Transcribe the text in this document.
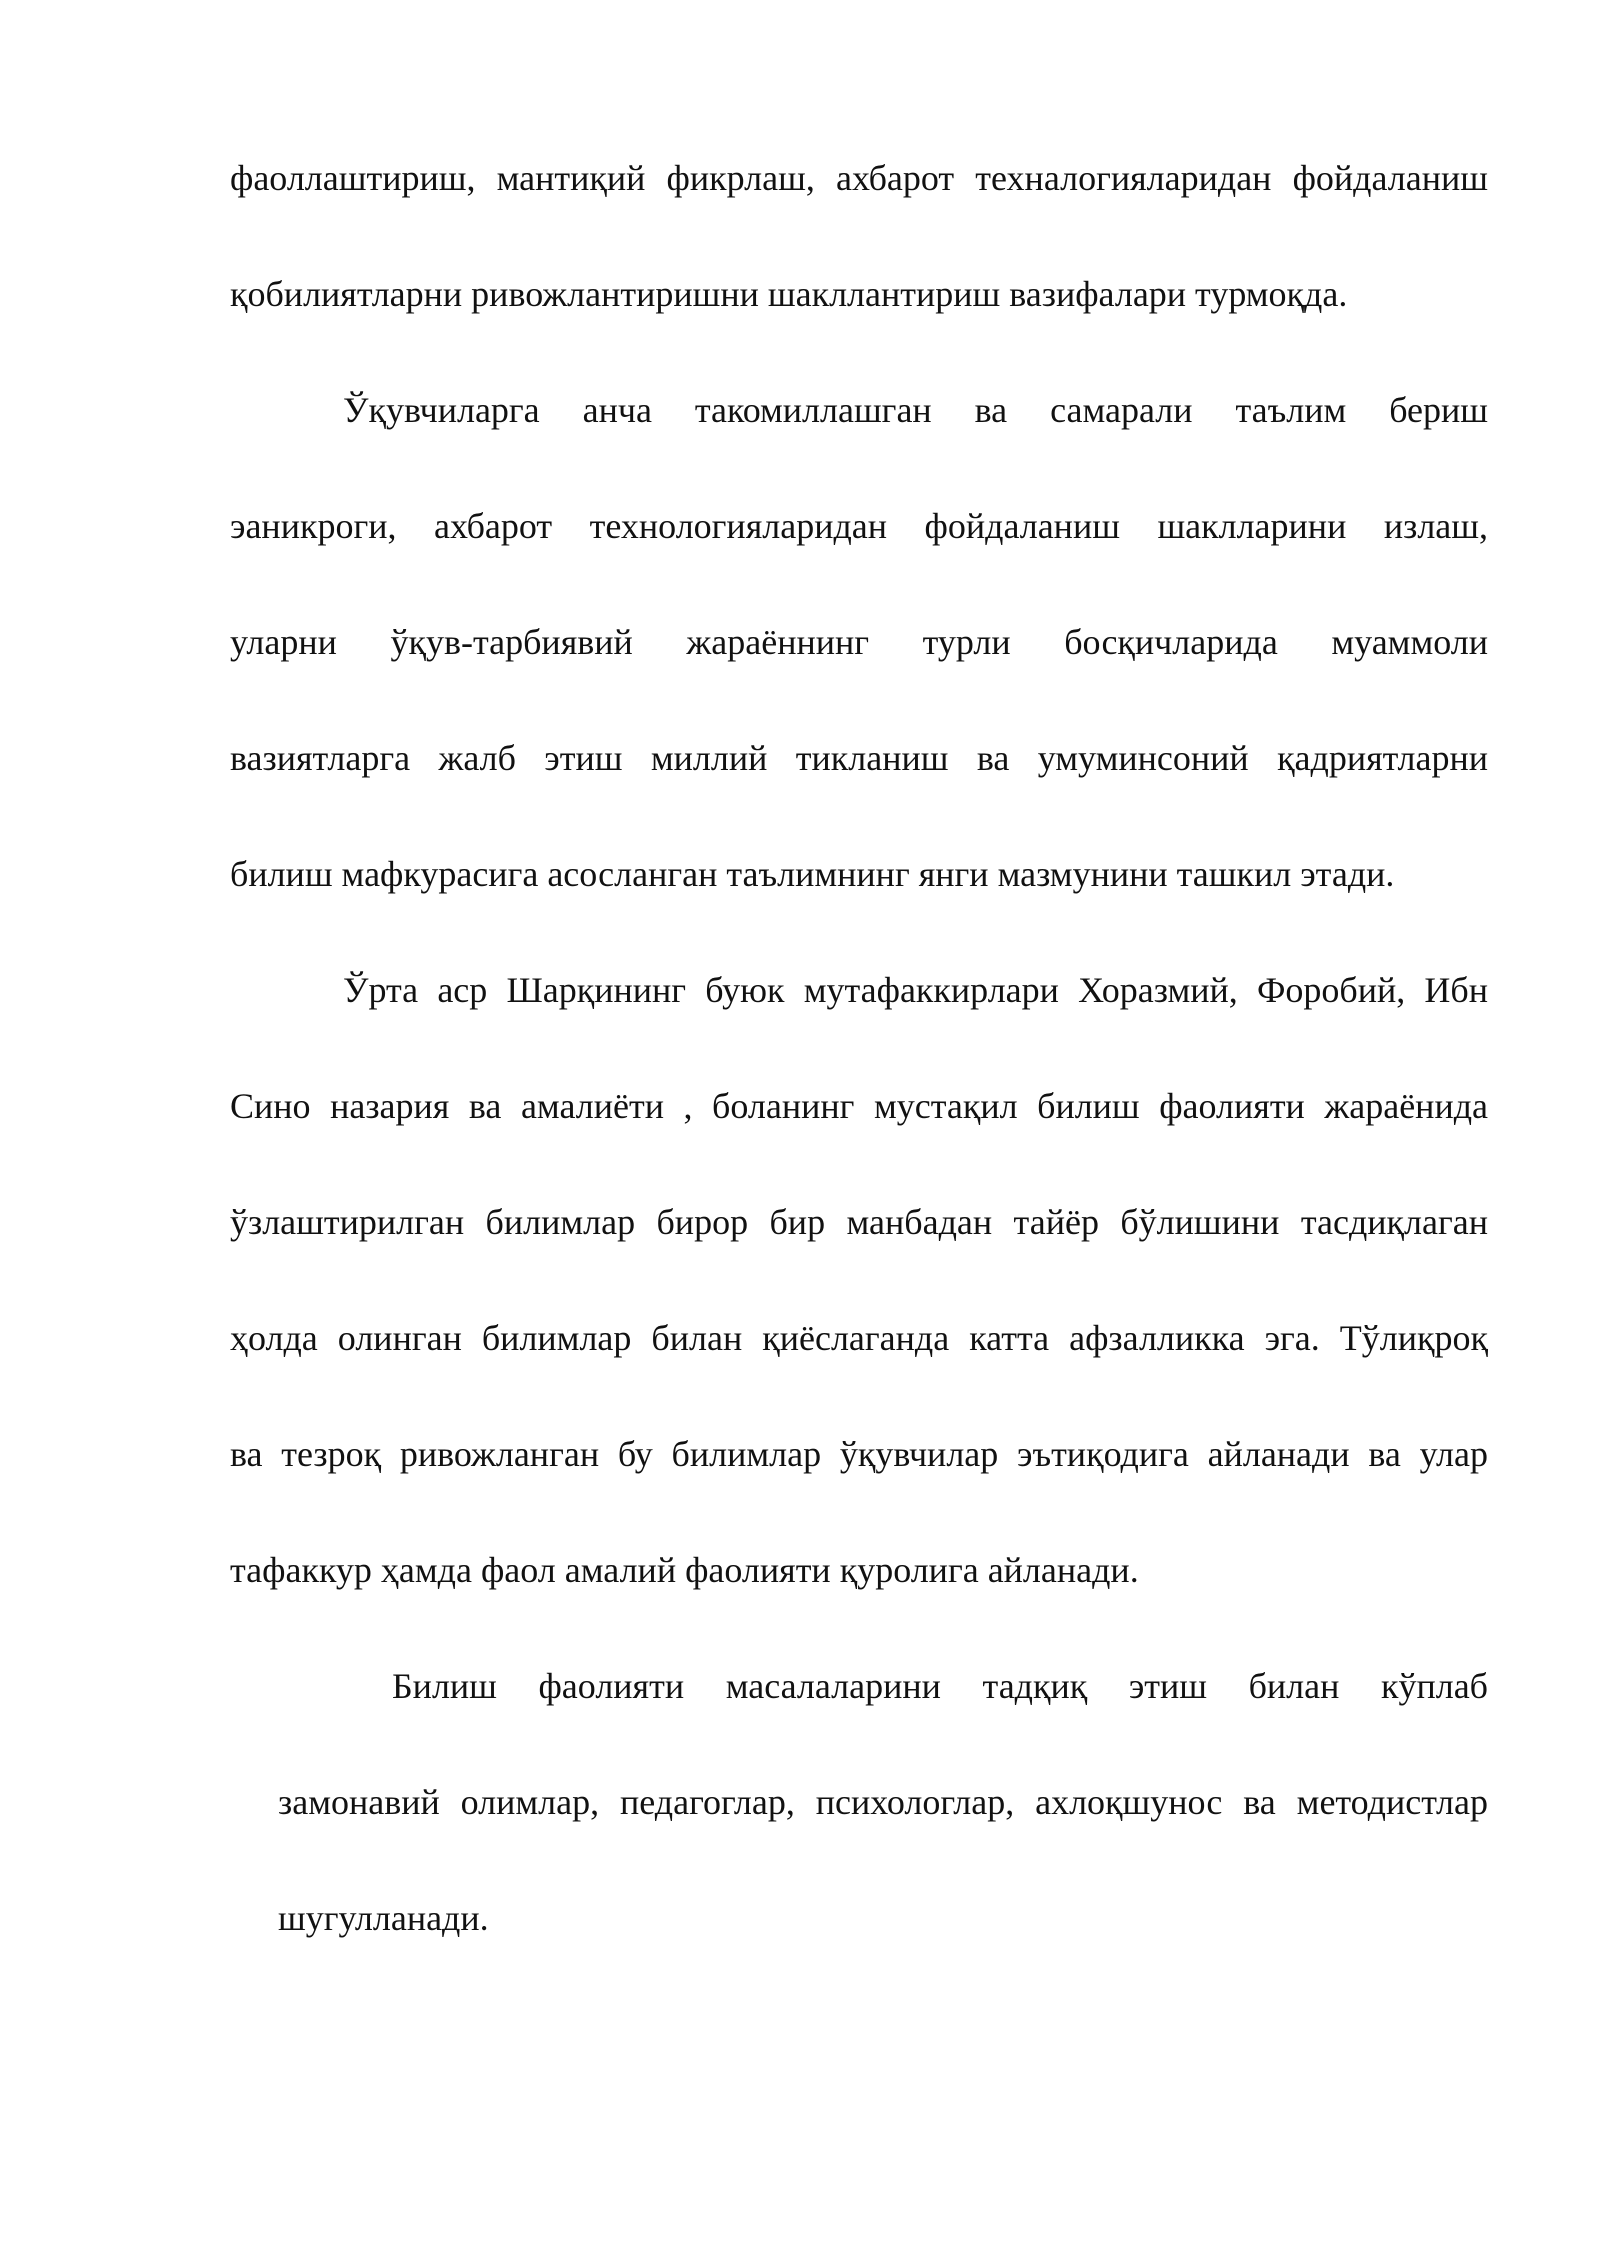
фаоллаштириш, мантиқий фикрлаш, ахбарот техналогияларидан фойдаланиш
қобилиятларни ривожлантиришни шакллантириш вазифалари турмоқда.
Ўқувчиларга анча такомиллашган ва самарали таълим бериш
эаникроги, ахбарот технологияларидан фойдаланиш шаклларини излаш,
уларни ўқув-тарбиявий жараённинг турли босқичларида муаммоли
вазиятларга жалб этиш миллий тикланиш ва умуминсоний қадриятларни
билиш мафкурасига асосланган таълимнинг янги мазмунини ташкил этади.
Ўрта аср Шарқининг буюк мутафаккирлари Хоразмий, Форобий, Ибн
Сино назария ва амалиёти , боланинг мустақил билиш фаолияти жараёнида
ўзлаштирилган билимлар бирор бир манбадан тайёр бўлишини тасдиқлаган
ҳолда олинган билимлар билан қиёслаганда катта афзалликка эга. Тўлиқроқ
ва тезроқ ривожланган бу билимлар ўқувчилар эътиқодига айланади ва улар
тафаккур ҳамда фаол амалий фаолияти қуролига айланади.
Билиш фаолияти масалаларини тадқиқ этиш билан кўплаб
замонавий олимлар, педагоглар, психологлар, ахлоқшунос ва методистлар
шугулланади.
